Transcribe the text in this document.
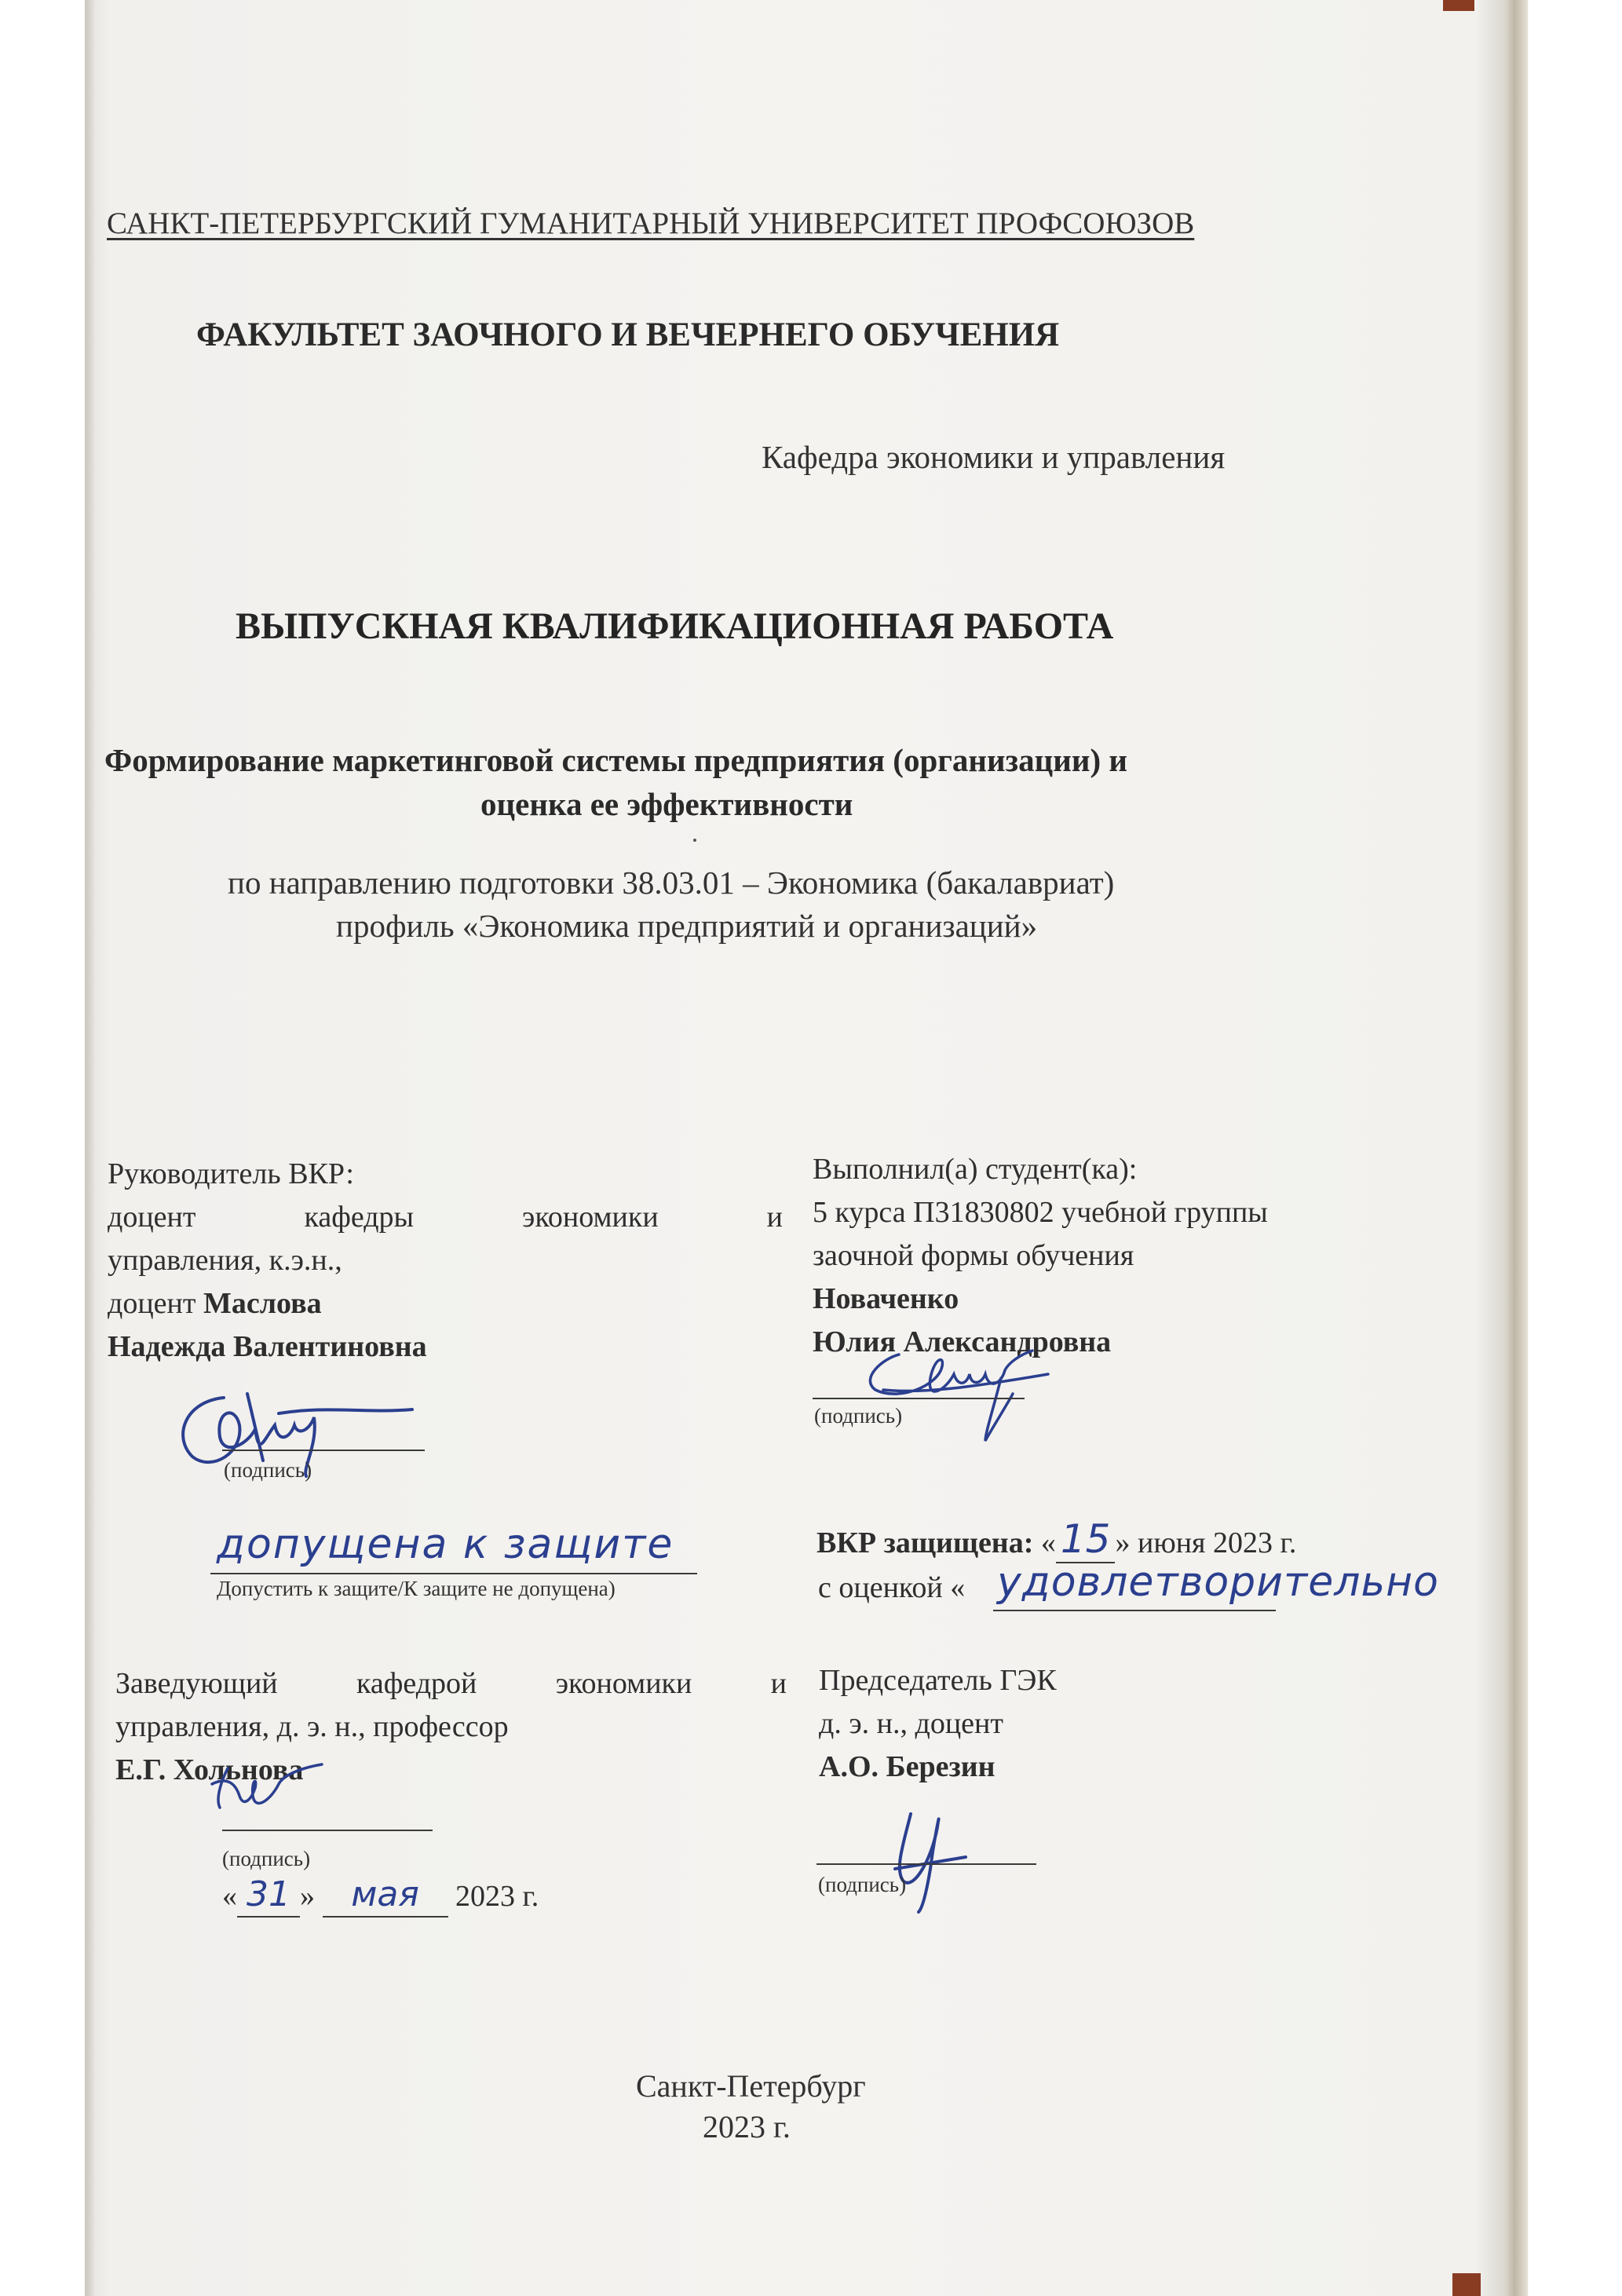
САНКТ-ПЕТЕРБУРГСКИЙ ГУМАНИТАРНЫЙ УНИВЕРСИТЕТ ПРОФСОЮЗОВ
ФАКУЛЬТЕТ ЗАОЧНОГО И ВЕЧЕРНЕГО ОБУЧЕНИЯ
Кафедра экономики и управления
ВЫПУСКНАЯ КВАЛИФИКАЦИОННАЯ РАБОТА
Формирование маркетинговой системы предприятия (организации) и
оценка ее эффективности
по направлению подготовки 38.03.01 – Экономика (бакалавриат)
профиль «Экономика предприятий и организаций»
Руководитель ВКР:
доцент	кафедры	экономики	и
управления, к.э.н.,
доцент Маслова
Надежда Валентиновна
(подпись)
допущена к защите
Допустить к защите/К защите не допущена)
Выполнил(а) студент(ка):
5 курса П31830802 учебной группы
заочной формы обучения
Новаченко
Юлия Александровна
(подпись)
ВКР защищена: « 15 » июня 2023 г.
с оценкой « удовлетворительно
Заведующий	кафедрой	экономики	и
управления, д. э. н., профессор
Е.Г. Хольнова
(подпись)
« 31 » мая 2023 г.
Председатель ГЭК
д. э. н., доцент
А.О. Березин
(подпись)
Санкт-Петербург
2023 г.
